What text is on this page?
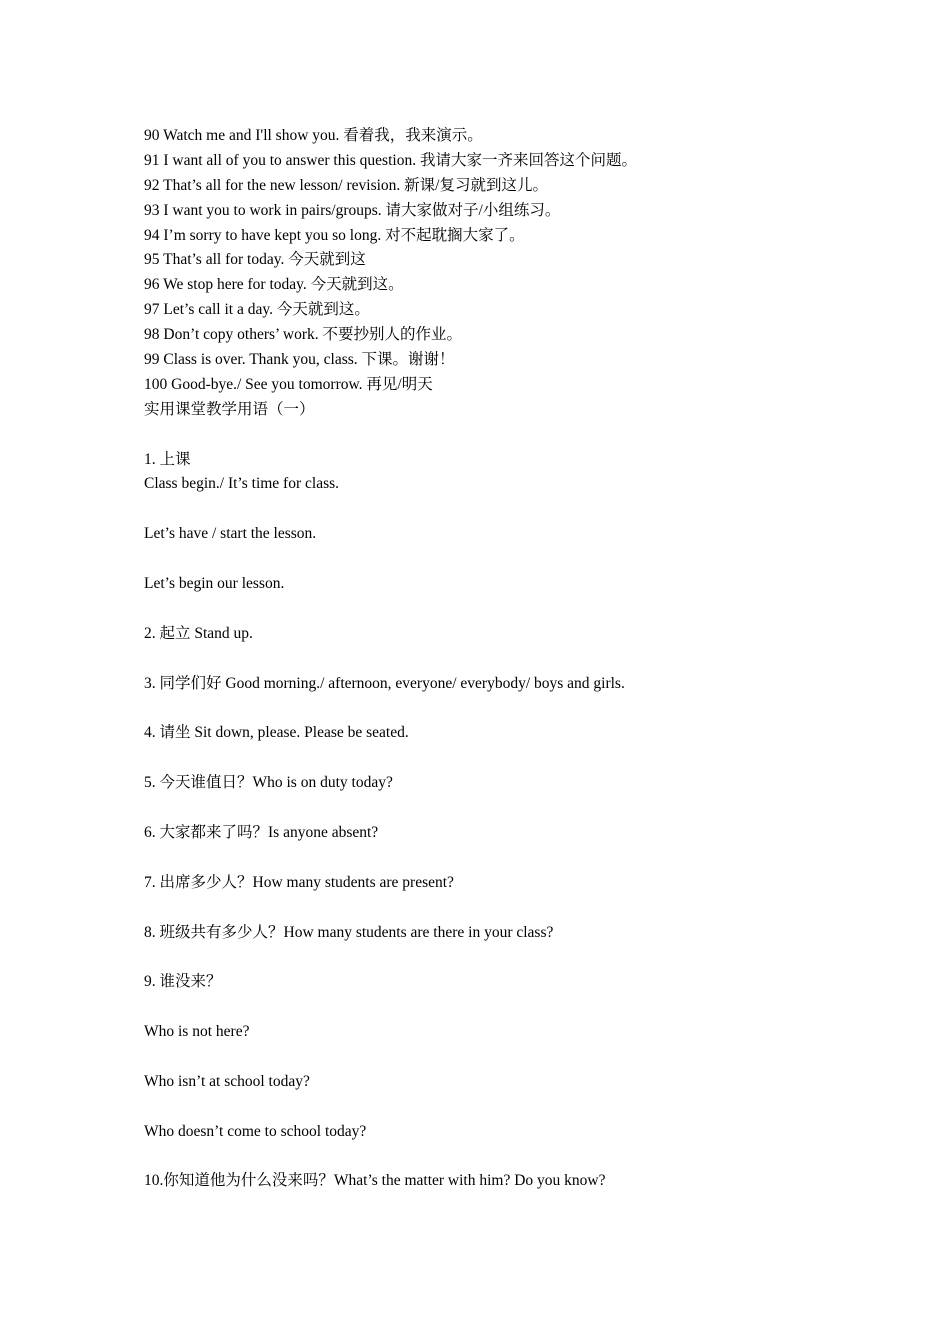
90 Watch me and I'll show you. 看着我，我来演示。
91 I want all of you to answer this question. 我请大家一齐来回答这个问题。
92 That’s all for the new lesson/ revision. 新课/复习就到这儿。
93 I want you to work in pairs/groups. 请大家做对子/小组练习。
94 I’m sorry to have kept you so long. 对不起耽搁大家了。
95 That’s all for today. 今天就到这
96 We stop here for today. 今天就到这。
97 Let’s call it a day. 今天就到这。
98 Don’t copy others’ work. 不要抄别人的作业。
99 Class is over. Thank you, class. 下课。谢谢！
100 Good-bye./ See you tomorrow. 再见/明天
实用课堂教学用语（一）
1. 上课
Class begin./ It’s time for class.
Let’s have / start the lesson.
Let’s begin our lesson.
2. 起立 Stand up.
3. 同学们好 Good morning./ afternoon, everyone/ everybody/ boys and girls.
4. 请坐 Sit down, please. Please be seated.
5. 今天谁值日？Who is on duty today?
6. 大家都来了吗？Is anyone absent?
7. 出席多少人？How many students are present?
8. 班级共有多少人？How many students are there in your class?
9. 谁没来？
Who is not here?
Who isn’t at school today?
Who doesn’t come to school today?
10.你知道他为什么没来吗？What’s the matter with him? Do you know?
